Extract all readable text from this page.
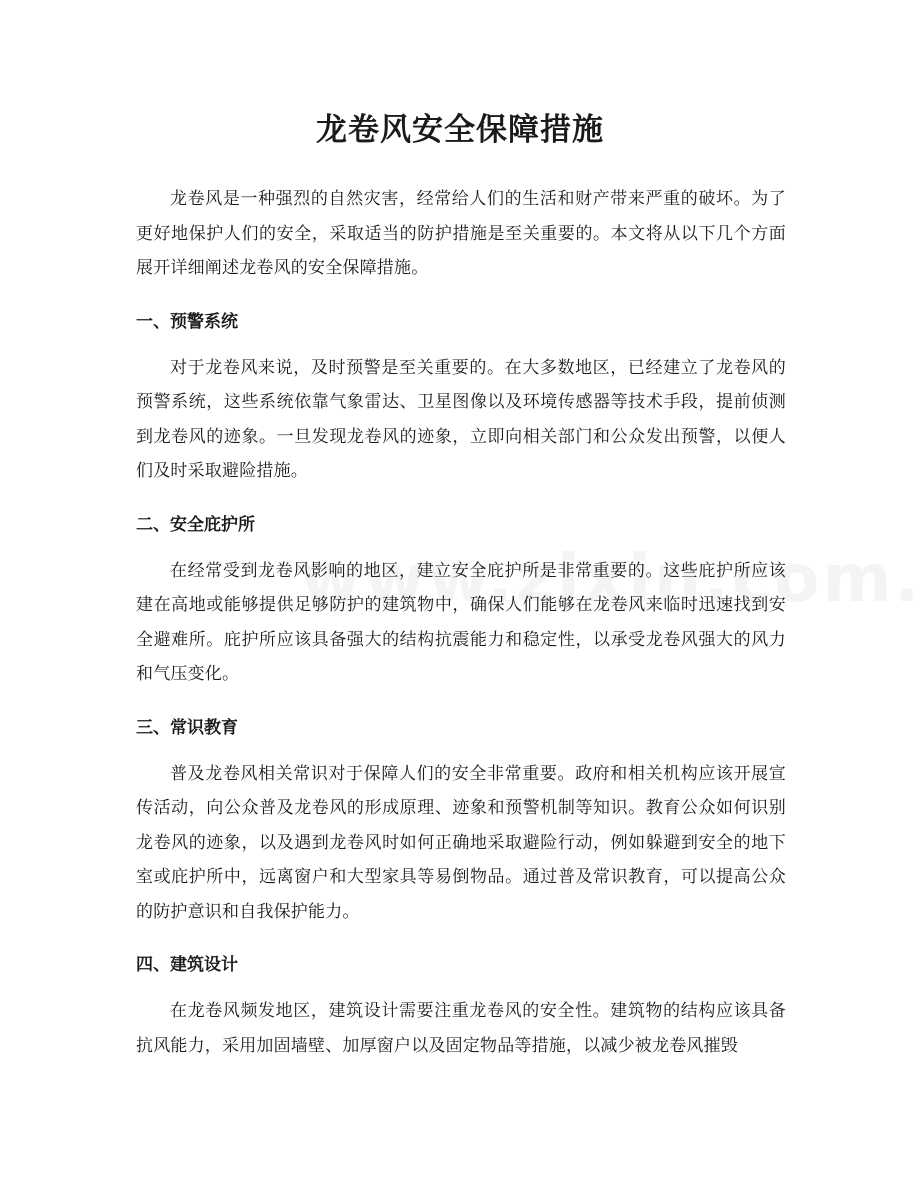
龙卷风安全保障措施

龙卷风是一种强烈的自然灾害，经常给人们的生活和财产带来严重的破坏。为了更好地保护人们的安全，采取适当的防护措施是至关重要的。本文将从以下几个方面展开详细阐述龙卷风的安全保障措施。

一、预警系统

对于龙卷风来说，及时预警是至关重要的。在大多数地区，已经建立了龙卷风的预警系统，这些系统依靠气象雷达、卫星图像以及环境传感器等技术手段，提前侦测到龙卷风的迹象。一旦发现龙卷风的迹象，立即向相关部门和公众发出预警，以便人们及时采取避险措施。

二、安全庇护所

在经常受到龙卷风影响的地区，建立安全庇护所是非常重要的。这些庇护所应该建在高地或能够提供足够防护的建筑物中，确保人们能够在龙卷风来临时迅速找到安全避难所。庇护所应该具备强大的结构抗震能力和稳定性，以承受龙卷风强大的风力和气压变化。

三、常识教育

普及龙卷风相关常识对于保障人们的安全非常重要。政府和相关机构应该开展宣传活动，向公众普及龙卷风的形成原理、迹象和预警机制等知识。教育公众如何识别龙卷风的迹象，以及遇到龙卷风时如何正确地采取避险行动，例如躲避到安全的地下室或庇护所中，远离窗户和大型家具等易倒物品。通过普及常识教育，可以提高公众的防护意识和自我保护能力。

四、建筑设计

在龙卷风频发地区，建筑设计需要注重龙卷风的安全性。建筑物的结构应该具备抗风能力，采用加固墙壁、加厚窗户以及固定物品等措施，以减少被龙卷风摧毁
